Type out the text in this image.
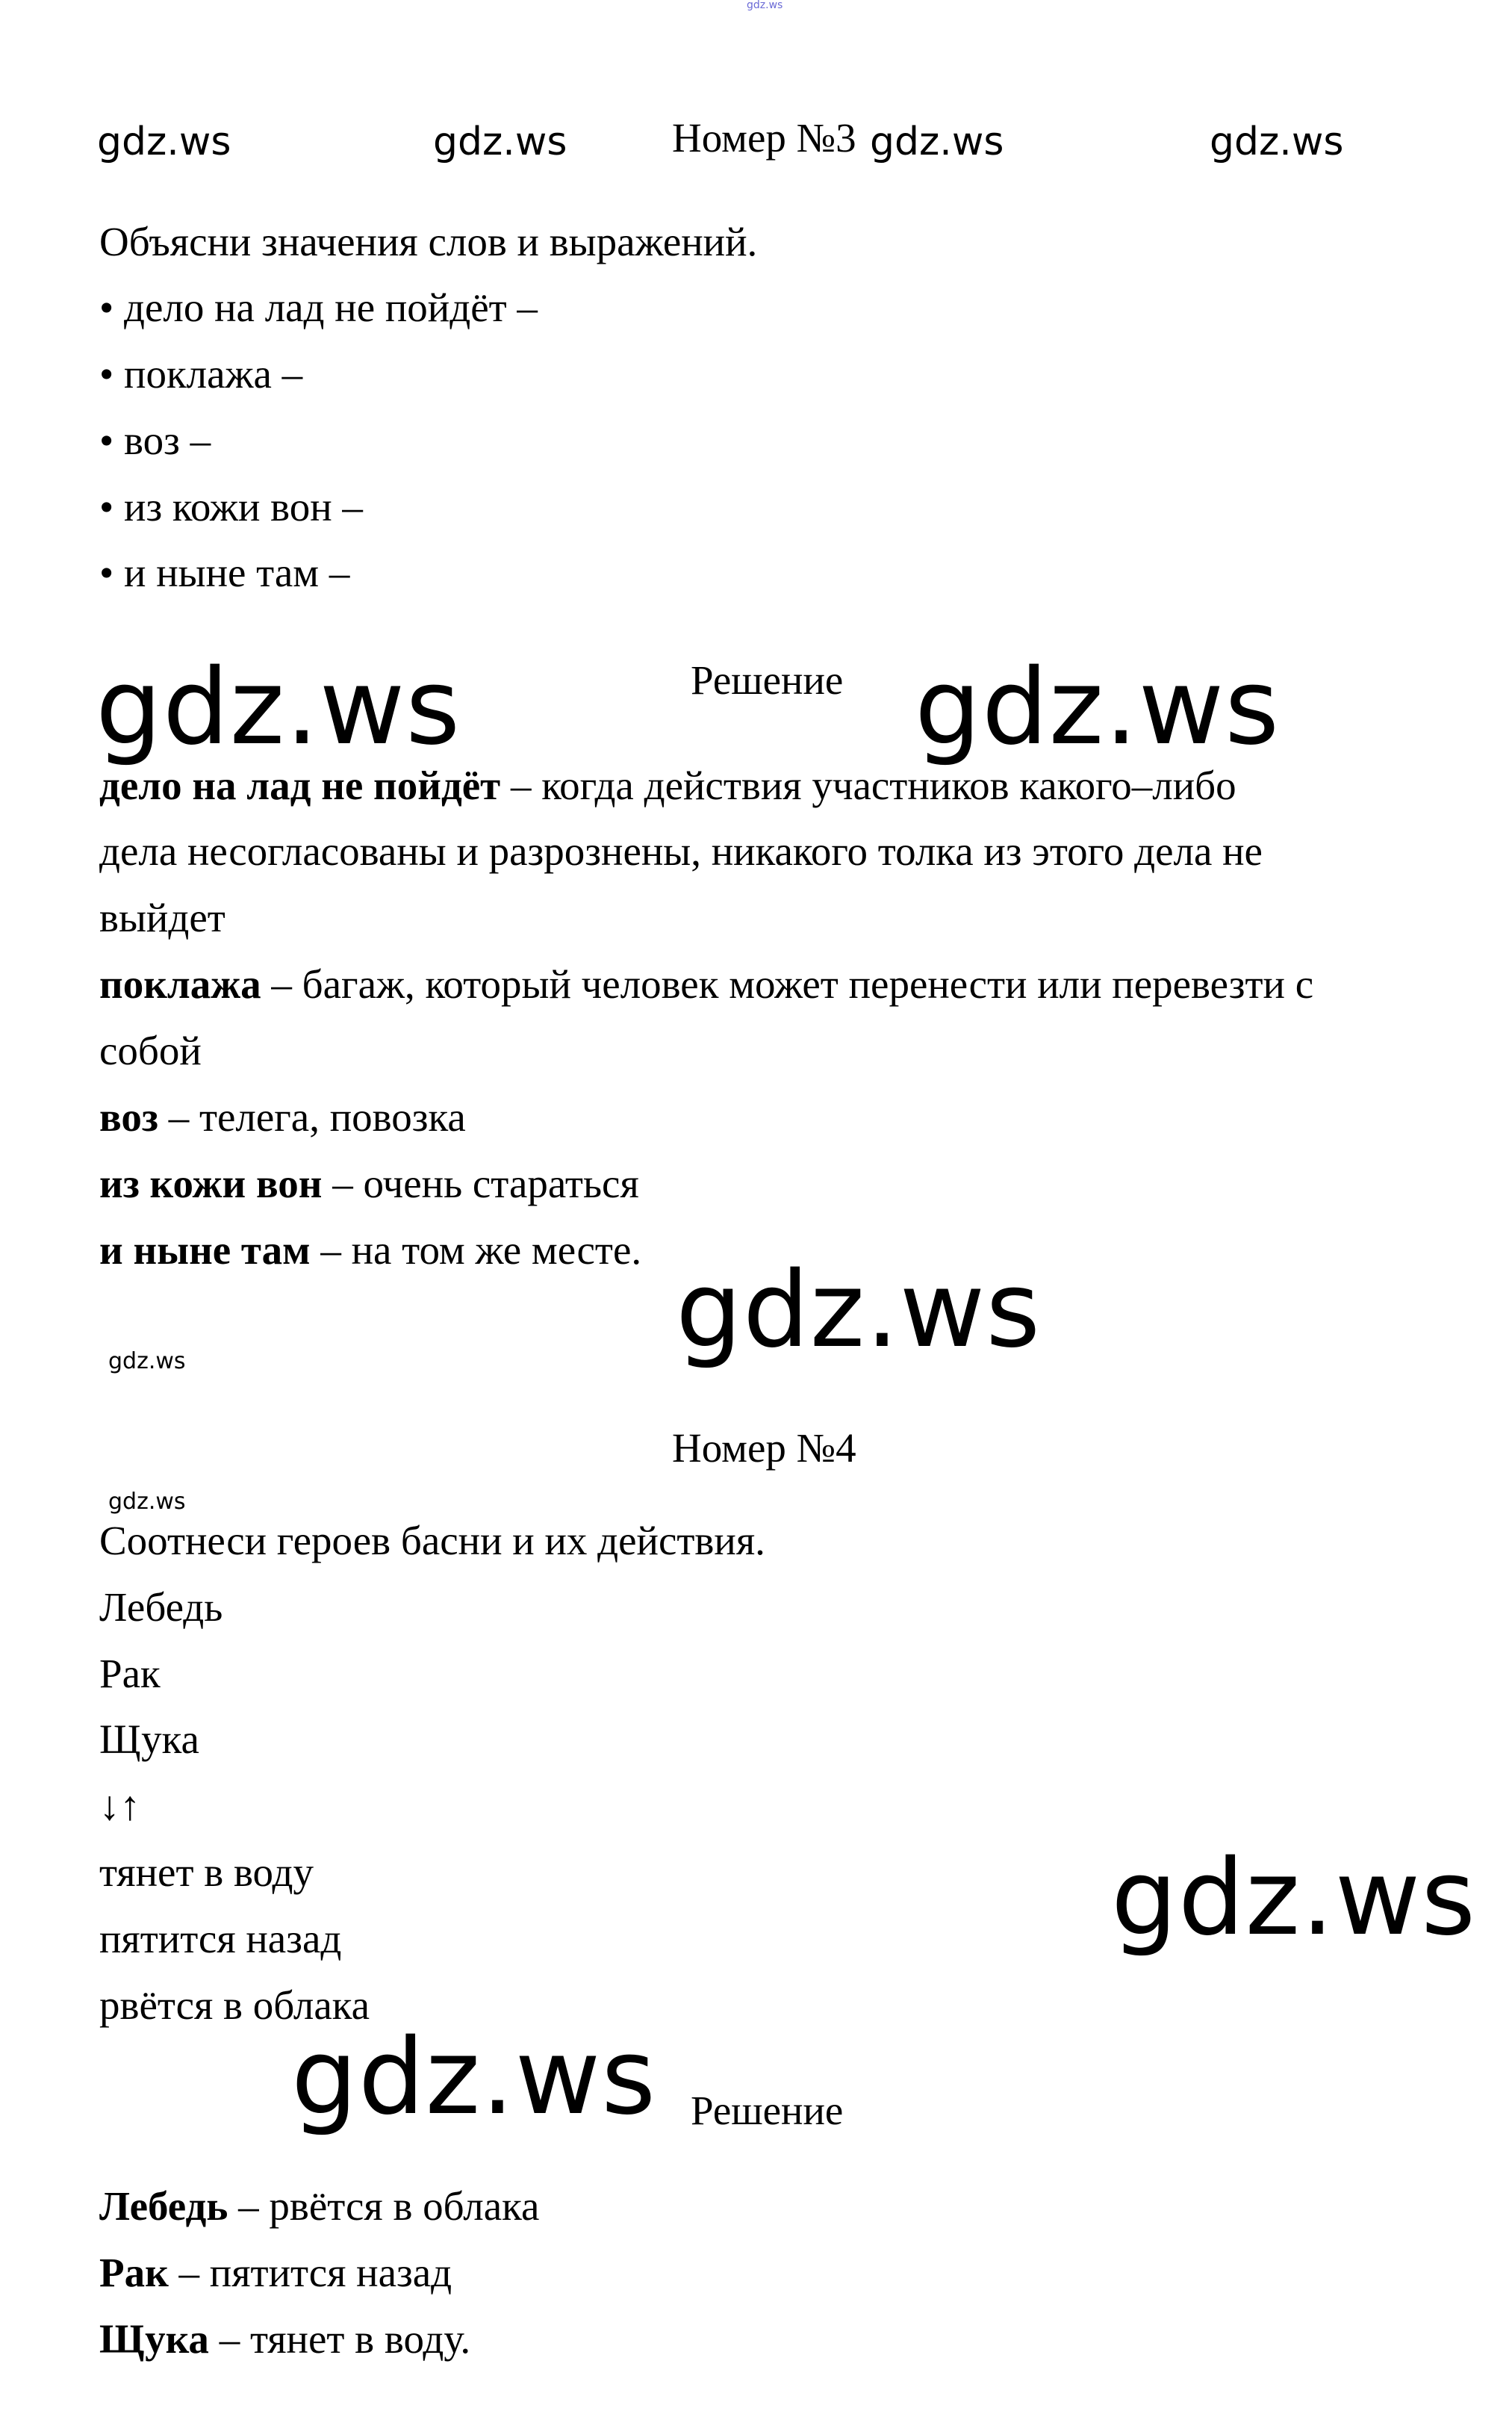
gdz.ws
gdz.ws	gdz.ws	gdz.ws	gdz.ws
gdz.ws	gdz.ws
gdz.ws
gdz.ws
gdz.ws
gdz.ws
gdz.ws
Номер №3
Объясни значения слов и выражений.
• дело на лад не пойдёт –
• поклажа –
• воз –
• из кожи вон –
• и ныне там –
Решение
дело на лад не пойдёт – когда действия участников какого–либо
дела несогласованы и разрознены, никакого толка из этого дела не
выйдет
поклажа – багаж, который человек может перенести или перевезти с
собой
воз – телега, повозка
из кожи вон – очень стараться
и ныне там – на том же месте.
Номер №4
Соотнеси героев басни и их действия.
Лебедь
Рак
Щука
↓↑
тянет в воду
пятится назад
рвётся в облака
Решение
Лебедь – рвётся в облака
Рак – пятится назад
Щука – тянет в воду.
